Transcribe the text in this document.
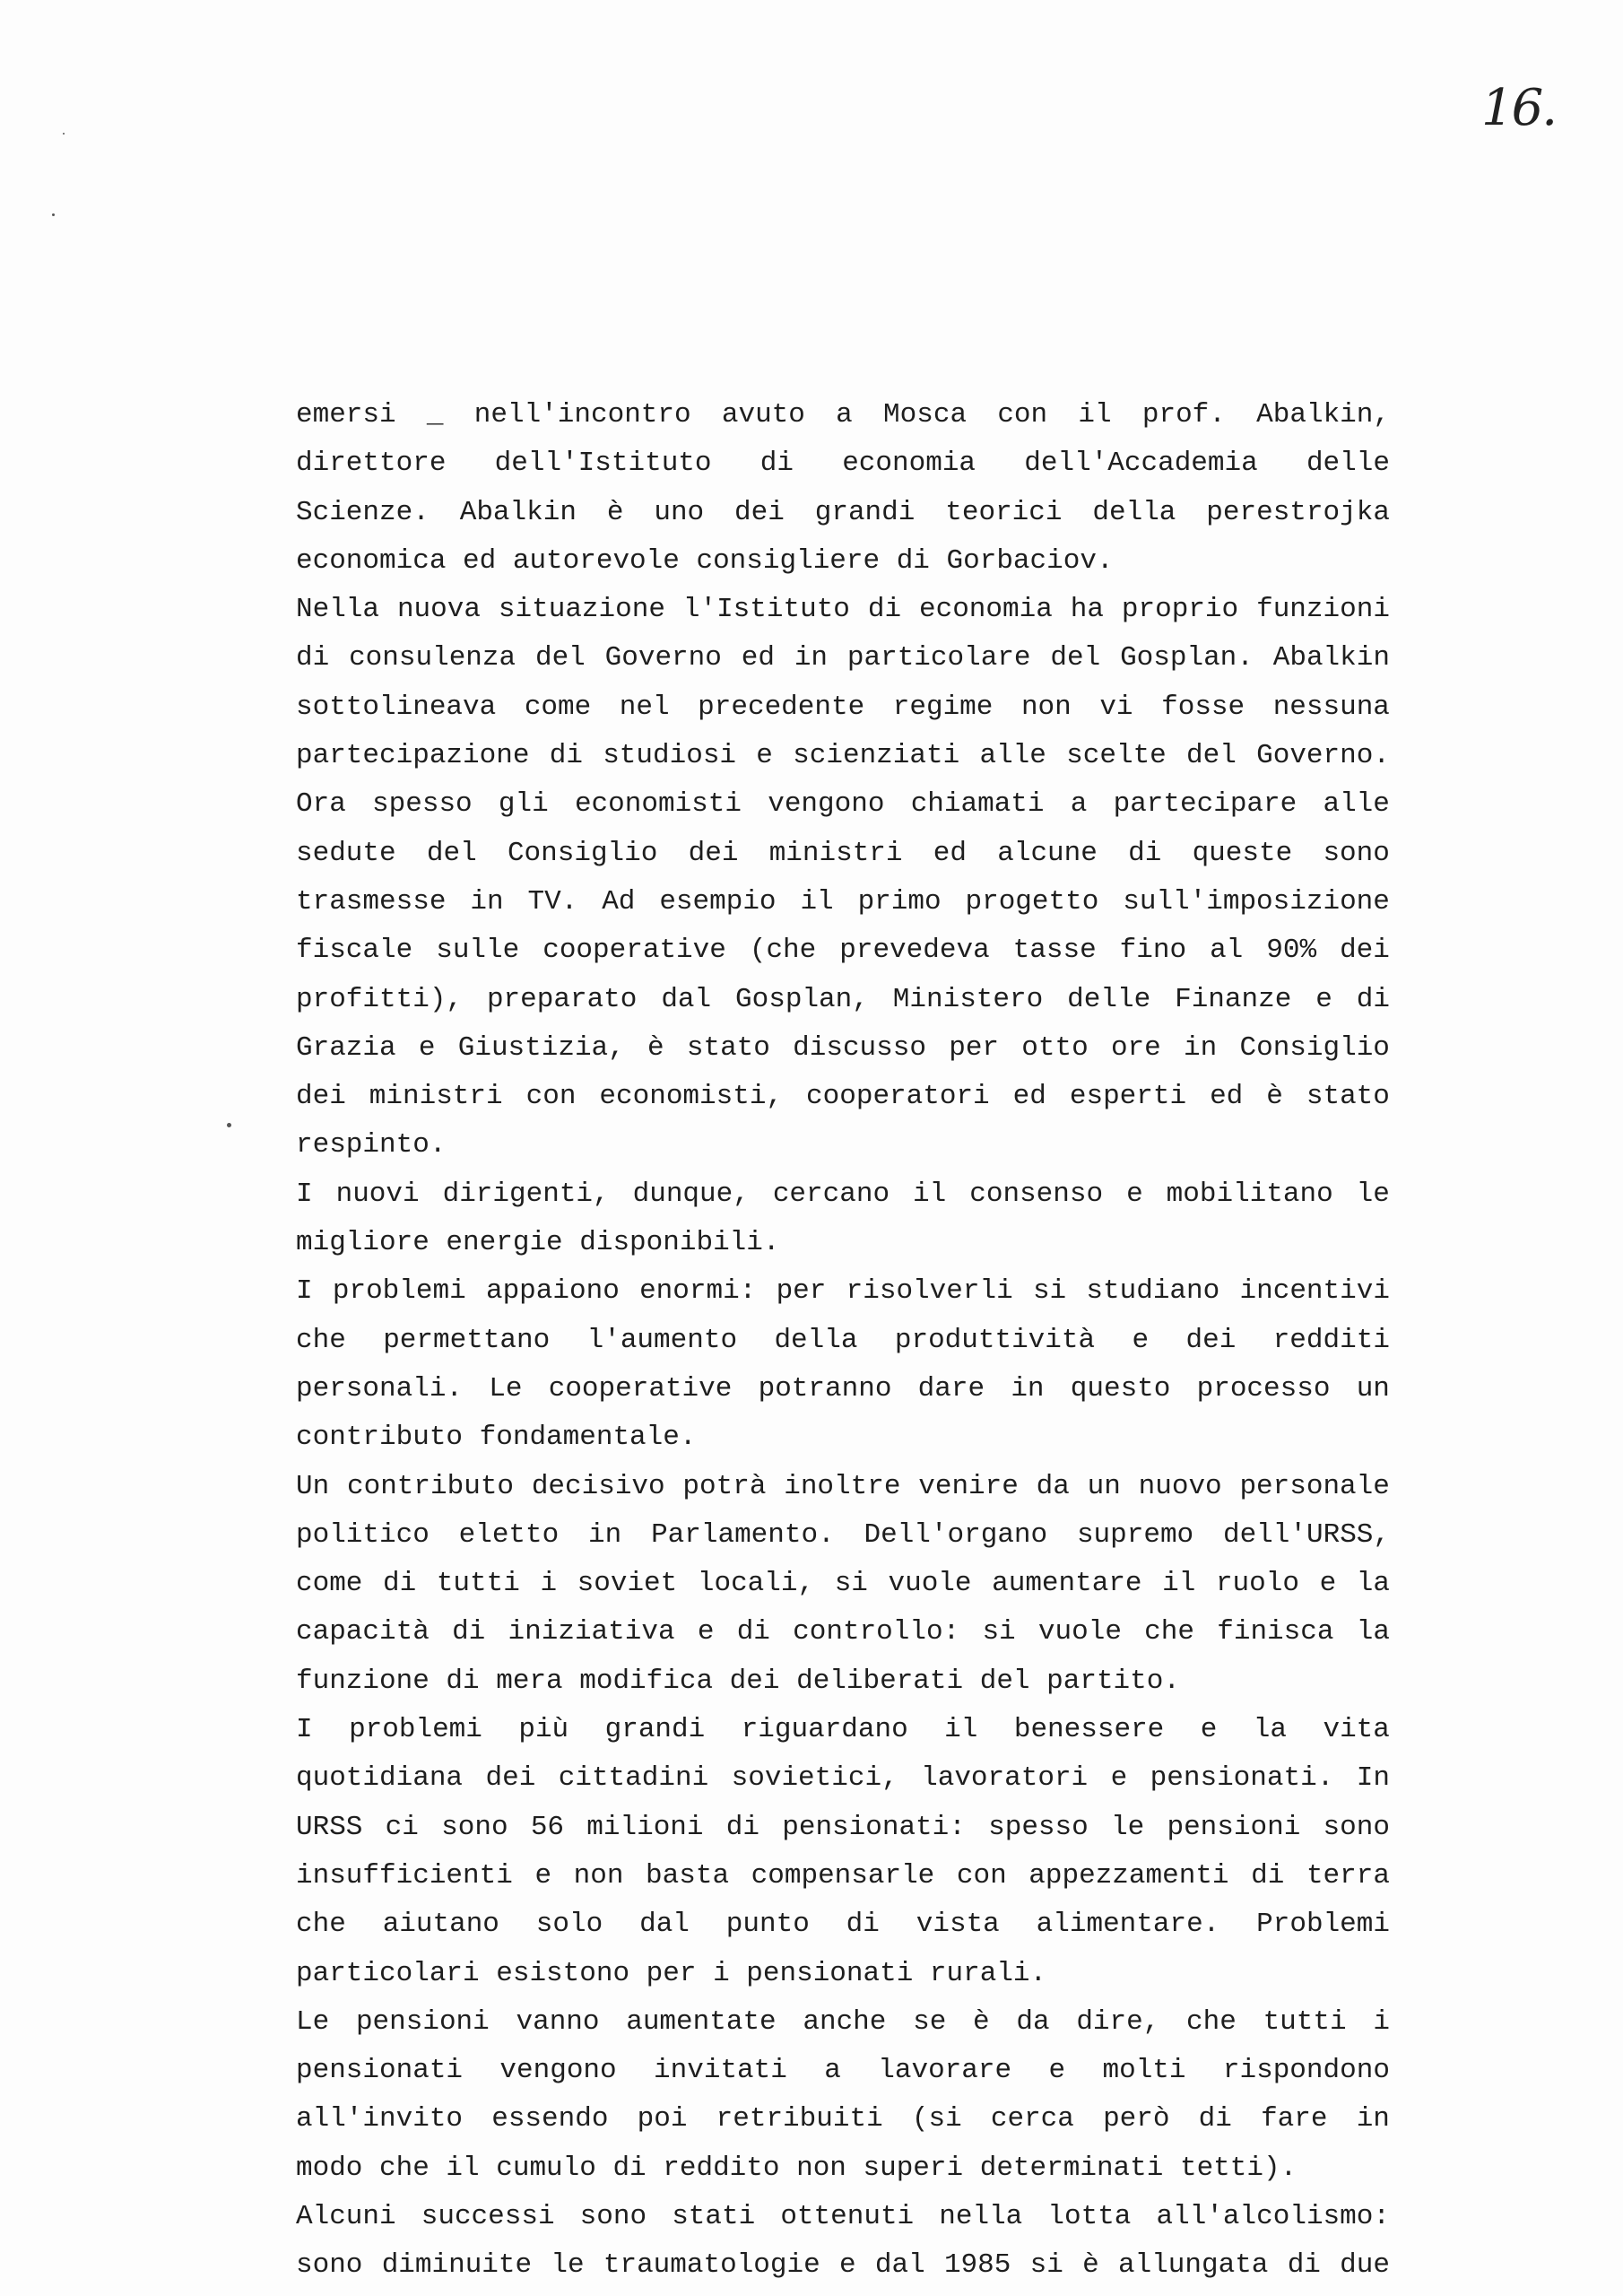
16.
emersi _ nell'incontro avuto a Mosca con il prof. Abalkin,
direttore dell'Istituto di economia dell'Accademia delle
Scienze. Abalkin è uno dei grandi teorici della perestrojka
economica ed autorevole consigliere di Gorbaciov.
Nella nuova situazione l'Istituto di economia ha proprio funzioni
di consulenza del Governo ed in particolare del Gosplan. Abalkin
sottolineava come nel precedente regime non vi fosse nessuna
partecipazione di studiosi e scienziati alle scelte del Governo.
Ora spesso gli economisti vengono chiamati a partecipare alle
sedute del Consiglio dei ministri ed alcune di queste sono
trasmesse in TV. Ad esempio il primo progetto sull'imposizione
fiscale sulle cooperative (che prevedeva tasse fino al 90% dei
profitti), preparato dal Gosplan, Ministero delle Finanze e di
Grazia e Giustizia, è stato discusso per otto ore in Consiglio
dei ministri con economisti, cooperatori ed esperti ed è stato
respinto.
I nuovi dirigenti, dunque, cercano il consenso e mobilitano le
migliore energie disponibili.
I problemi appaiono enormi: per risolverli si studiano incentivi
che permettano l'aumento della produttività e dei redditi
personali. Le cooperative potranno dare in questo processo un
contributo fondamentale.
Un contributo decisivo potrà inoltre venire da un nuovo personale
politico eletto in Parlamento. Dell'organo supremo dell'URSS,
come di tutti i soviet locali, si vuole aumentare il ruolo e la
capacità di iniziativa e di controllo: si vuole che finisca la
funzione di mera modifica dei deliberati del partito.
I problemi più grandi riguardano il benessere e la vita
quotidiana dei cittadini sovietici, lavoratori e pensionati. In
URSS ci sono 56 milioni di pensionati: spesso le pensioni sono
insufficienti e non basta compensarle con appezzamenti di terra
che aiutano solo dal punto di vista alimentare. Problemi
particolari esistono per i pensionati rurali.
Le pensioni vanno aumentate anche se è da dire, che tutti i
pensionati vengono invitati a lavorare e molti rispondono
all'invito essendo poi retribuiti (si cerca però di fare in
modo che il cumulo di reddito non superi determinati tetti).
Alcuni successi sono stati ottenuti nella lotta all'alcolismo:
sono diminuite le traumatologie e dal 1985 si è allungata di due
